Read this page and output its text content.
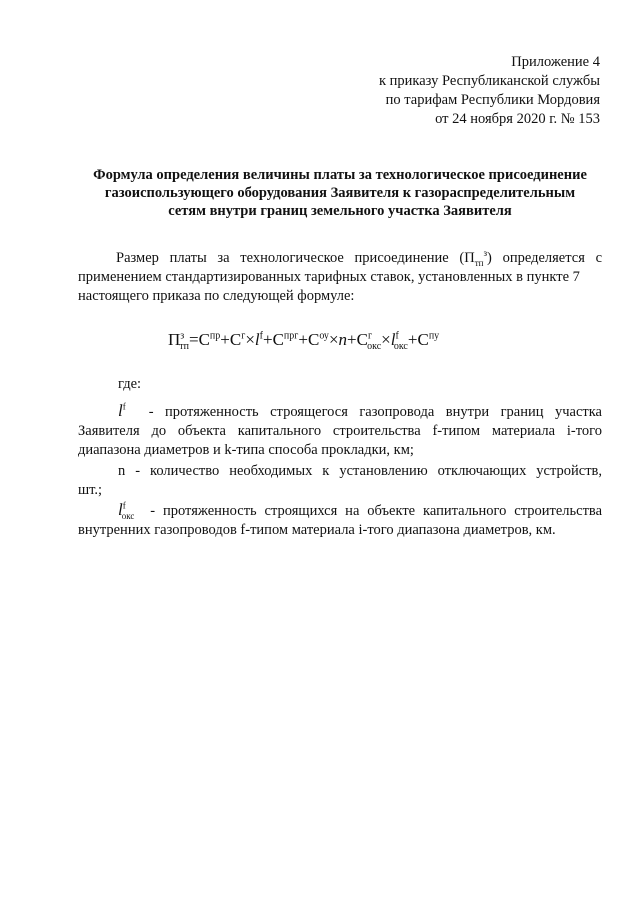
Приложение 4
к приказу Республиканской службы
по тарифам Республики Мордовия
от 24 ноября 2020 г. № 153
Формула определения величины платы за технологическое присоединение
газоиспользующего оборудования Заявителя к газораспределительным
сетям внутри границ земельного участка Заявителя
Размер платы за технологическое присоединение $(П_{тп}^з)$ определяется с
применением стандартизированных тарифных ставок, установленных в пункте 7
настоящего приказа по следующей формуле:
$П^з_{тп}=С^{пр}+С^г\times l^f+С^{прг}+С^{оу}\times n+С^г_{окс}\times l^f_{окс}+С^{пу}$
где:
$l^f$ - протяженность строящегося газопровода внутри границ участка
Заявителя до объекта капитального строительства f-типом материала i-того диапазона диаметров и k-типа способа прокладки, км;
n - количество необходимых к установлению отключающих устройств,
шт.;
$l^f_{окс}$ - протяженность строящихся на объекте капитального строительства
внутренних газопроводов f-типом материала i-того диапазона диаметров, км.
